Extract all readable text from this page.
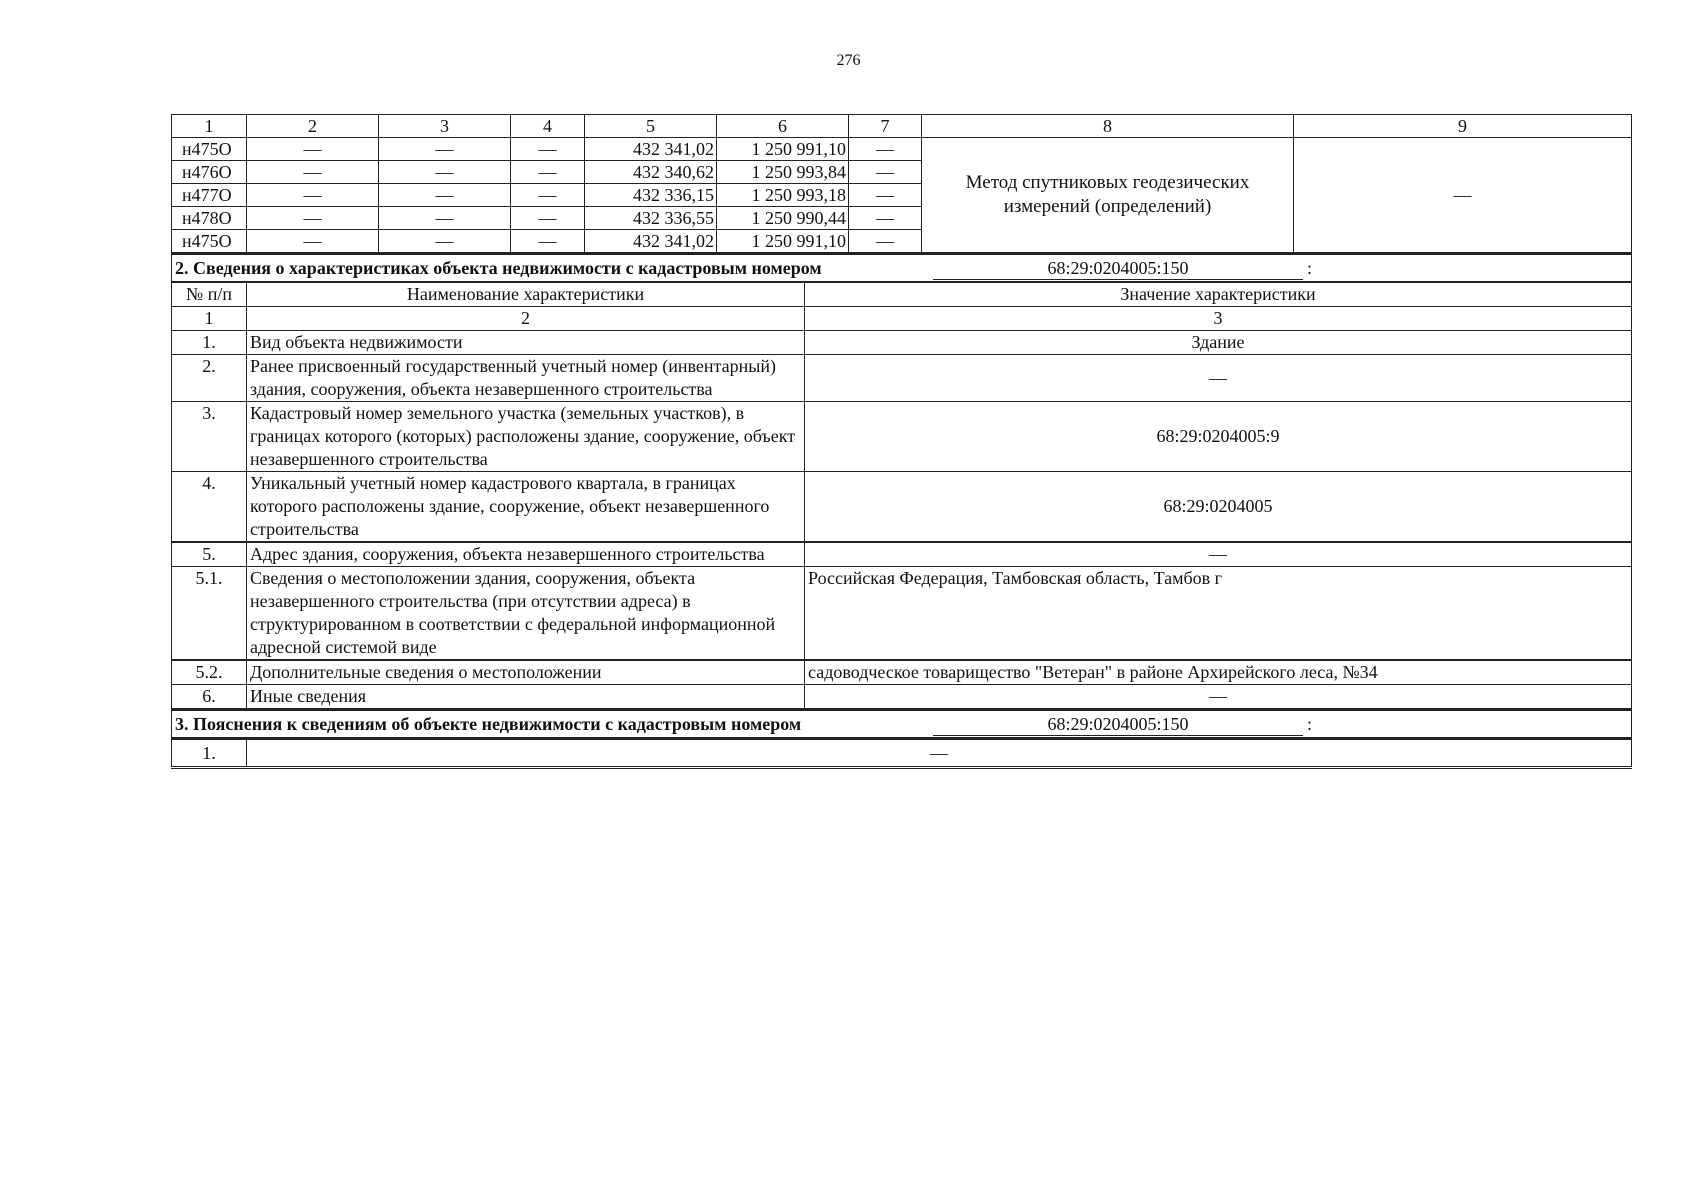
276
1	2	3	4	5	6	7	8	9
н475О	—	—	—	432 341,02	1 250 991,10	—	Метод спутниковых геодезических измерений (определений)	—
н476О	—	—	—	432 340,62	1 250 993,84	—		
н477О	—	—	—	432 336,15	1 250 993,18	—		
н478О	—	—	—	432 336,55	1 250 990,44	—		
н475О	—	—	—	432 341,02	1 250 991,10	—		
2. Сведения о характеристиках объекта недвижимости с кадастровым номером 68:29:0204005:150 :		
№ п/п	Наименование характеристики	Значение характеристики
1	2	3
1.	Вид объекта недвижимости	Здание
2.	Ранее присвоенный государственный учетный номер (инвентарный) здания, сооружения, объекта незавершенного строительства	—
3.	Кадастровый номер земельного участка (земельных участков), в границах которого (которых) расположены здание, сооружение, объект незавершенного строительства	68:29:0204005:9
4.	Уникальный учетный номер кадастрового квартала, в границах которого расположены здание, сооружение, объект незавершенного строительства	68:29:0204005
5.	Адрес здания, сооружения, объекта незавершенного строительства	—
5.1.	Сведения о местоположении здания, сооружения, объекта незавершенного строительства (при отсутствии адреса) в структурированном в соответствии с федеральной информационной адресной системой виде	Российская Федерация, Тамбовская область, Тамбов г
5.2.	Дополнительные сведения о местоположении	садоводческое товарищество "Ветеран" в районе Архирейского леса, №34
6.	Иные сведения	—
3. Пояснения к сведениям об объекте недвижимости с кадастровым номером	68:29:0204005:150	:
1.	—
